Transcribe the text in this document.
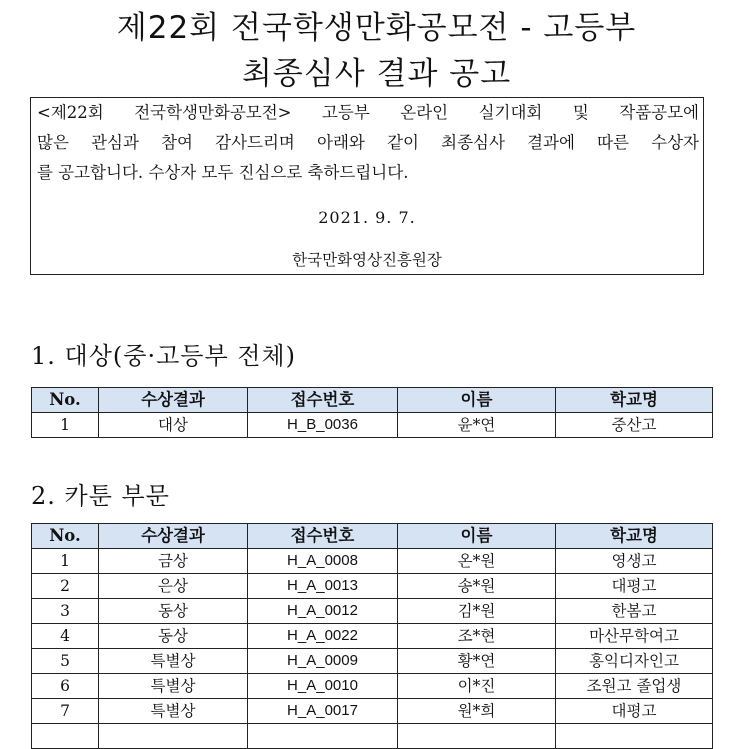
제22회 전국학생만화공모전 - 고등부
최종심사 결과 공고
<제22회 전국학생만화공모전> 고등부 온라인 실기대회 및 작품공모에
많은 관심과 참여 감사드리며 아래와 같이 최종심사 결과에 따른 수상자
를 공고합니다. 수상자 모두 진심으로 축하드립니다.
2021. 9. 7.
한국만화영상진흥원장
1. 대상(중·고등부 전체)
No.	수상결과	접수번호	이름	학교명
1	대상	H_B_0036	윤*연	중산고
2. 카툰 부문
No.	수상결과	접수번호	이름	학교명
1	금상	H_A_0008	온*원	영생고
2	은상	H_A_0013	송*원	대평고
3	동상	H_A_0012	김*원	한봄고
4	동상	H_A_0022	조*현	마산무학여고
5	특별상	H_A_0009	황*연	홍익디자인고
6	특별상	H_A_0010	이*진	조원고 졸업생
7	특별상	H_A_0017	원*희	대평고
